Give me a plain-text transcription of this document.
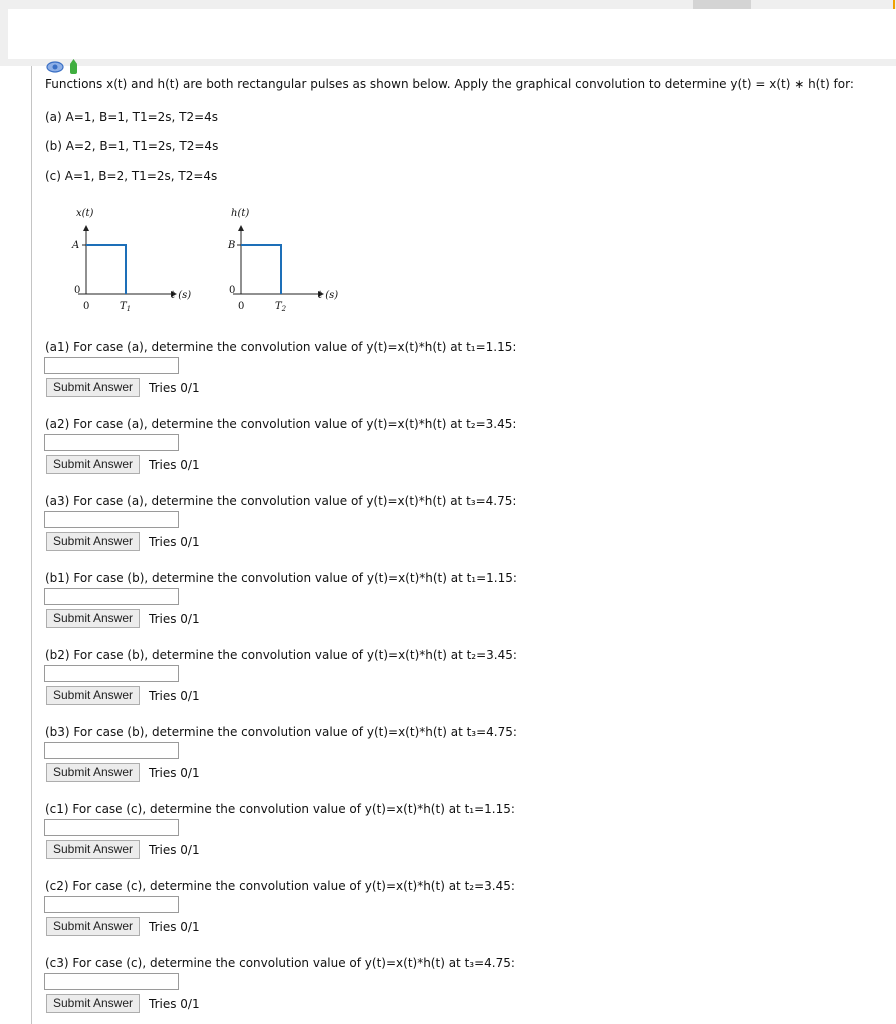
Functions x(t) and h(t) are both rectangular pulses as shown below. Apply the graphical convolution to determine y(t) = x(t) ∗ h(t) for:
(a) A=1, B=1, T1=2s, T2=4s
(b) A=2, B=1, T1=2s, T2=4s
(c) A=1, B=2, T1=2s, T2=4s
x(t)
A
0
0	$T_1$
t (s)
h(t)
B
0
0	$T_2$
t (s)
(a1) For case (a), determine the convolution value of y(t)=x(t)*h(t) at t₁=1.15:
Submit Answer	Tries 0/1
(a2) For case (a), determine the convolution value of y(t)=x(t)*h(t) at t₂=3.45:
Submit Answer	Tries 0/1
(a3) For case (a), determine the convolution value of y(t)=x(t)*h(t) at t₃=4.75:
Submit Answer	Tries 0/1
(b1) For case (b), determine the convolution value of y(t)=x(t)*h(t) at t₁=1.15:
Submit Answer	Tries 0/1
(b2) For case (b), determine the convolution value of y(t)=x(t)*h(t) at t₂=3.45:
Submit Answer	Tries 0/1
(b3) For case (b), determine the convolution value of y(t)=x(t)*h(t) at t₃=4.75:
Submit Answer	Tries 0/1
(c1) For case (c), determine the convolution value of y(t)=x(t)*h(t) at t₁=1.15:
Submit Answer	Tries 0/1
(c2) For case (c), determine the convolution value of y(t)=x(t)*h(t) at t₂=3.45:
Submit Answer	Tries 0/1
(c3) For case (c), determine the convolution value of y(t)=x(t)*h(t) at t₃=4.75:
Submit Answer	Tries 0/1
